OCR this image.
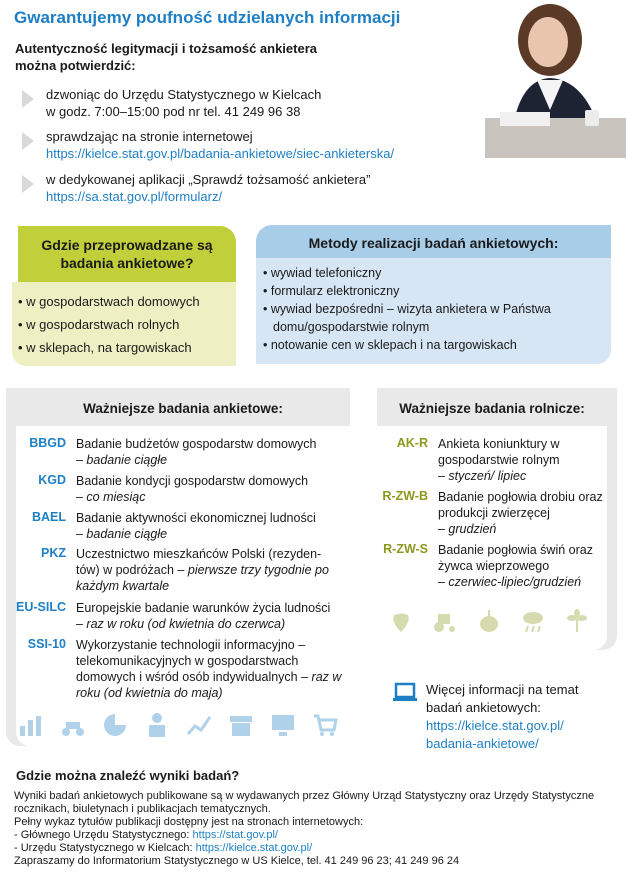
Gwarantujemy poufność udzielanych informacji
Autentyczność legitymacji i tożsamość ankietera można potwierdzić:
dzwoniąc do Urzędu Statystycznego w Kielcach
w godz. 7:00–15:00 pod nr tel. 41 249 96 38
sprawdzając na stronie internetowej
https://kielce.stat.gov.pl/badania-ankietowe/siec-ankieterska/
w dedykowanej aplikacji „Sprawdź tożsamość ankietera”
https://sa.stat.gov.pl/formularz/
Gdzie przeprowadzane są badania ankietowe?
• w gospodarstwach domowych
• w gospodarstwach rolnych
• w sklepach, na targowiskach
Metody realizacji badań ankietowych:
• wywiad telefoniczny
• formularz elektroniczny
• wywiad bezpośredni – wizyta ankietera w Państwa domu/gospodarstwie rolnym
• notowanie cen w sklepach i na targowiskach
Ważniejsze badania ankietowe:
BBGD Badanie budżetów gospodarstw domowych
– badanie ciągłe
KGD Badanie kondycji gospodarstw domowych
– co miesiąc
BAEL Badanie aktywności ekonomicznej ludności
– badanie ciągłe
PKZ Uczestnictwo mieszkańców Polski (rezyden-tów) w podróżach – pierwsze trzy tygodnie po każdym kwartale
EU-SILC Europejskie badanie warunków życia ludności
– raz w roku (od kwietnia do czerwca)
SSI-10 Wykorzystanie technologii informacyjno – telekomunikacyjnych w gospodarstwach domowych i wśród osób indywidualnych – raz w roku (od kwietnia do maja)
Ważniejsze badania rolnicze:
AK-R Ankieta koniunktury w gospodarstwie rolnym
– styczeń/ lipiec
R-ZW-B Badanie pogłowia drobiu oraz produkcji zwierzęcej
– grudzień
R-ZW-S Badanie pogłowia świń oraz żywca wieprzowego
– czerwiec-lipiec/grudzień
Więcej informacji na temat badań ankietowych:
https://kielce.stat.gov.pl/
badania-ankietowe/
Gdzie można znaleźć wyniki badań?
Wyniki badań ankietowych publikowane są w wydawanych przez Główny Urząd Statystyczny oraz Urzędy Statystyczne rocznikach, biuletynach i publikacjach tematycznych.
Pełny wykaz tytułów publikacji dostępny jest na stronach internetowych:
- Głównego Urzędu Statystycznego: https://stat.gov.pl/
- Urzędu Statystycznego w Kielcach: https://kielce.stat.gov.pl/
Zapraszamy do Informatorium Statystycznego w US Kielce, tel. 41 249 96 23; 41 249 96 24
